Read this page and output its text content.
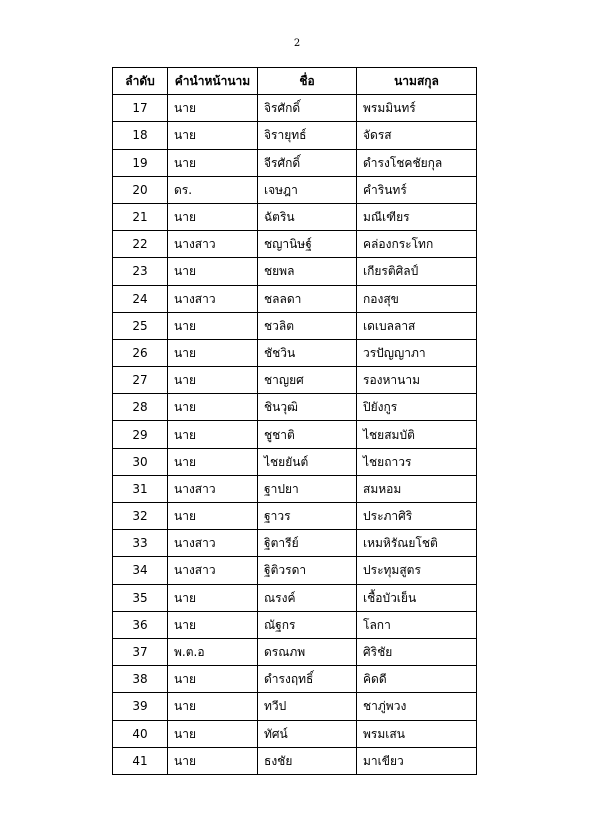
2
ลำดับ	คำนำหน้านาม	ชื่อ	นามสกุล
17	นาย	จิรศักดิ์	พรมมินทร์
18	นาย	จิรายุทธ์	จัดรส
19	นาย	จีรศักดิ์	ดำรงโชคชัยกุล
20	ดร.	เจษฎา	คำรินทร์
21	นาย	ฉัตริน	มณีเฑียร
22	นางสาว	ชญานิษฐ์	คล่องกระโทก
23	นาย	ชยพล	เกียรติศิลป์
24	นางสาว	ชลลดา	กองสุข
25	นาย	ชวลิต	เดเบลลาส
26	นาย	ชัชวิน	วรปัญญาภา
27	นาย	ชาญยศ	รองหานาม
28	นาย	ชินวุฒิ	ปิยังกูร
29	นาย	ชูชาติ	ไชยสมบัติ
30	นาย	ไชยยันต์	ไชยถาวร
31	นางสาว	ฐาปยา	สมหอม
32	นาย	ฐาวร	ประภาศิริ
33	นางสาว	ฐิตารีย์	เหมหิรัณยโชติ
34	นางสาว	ฐิติวรดา	ประทุมสูตร
35	นาย	ณรงค์	เชื้อบัวเย็น
36	นาย	ณัฐกร	โลกา
37	พ.ต.อ	ดรณภพ	ศิริชัย
38	นาย	ดำรงฤทธิ์	คิดดี
39	นาย	ทวีป	ชาภู่พวง
40	นาย	ทัศน์	พรมเสน
41	นาย	ธงชัย	มาเขียว
